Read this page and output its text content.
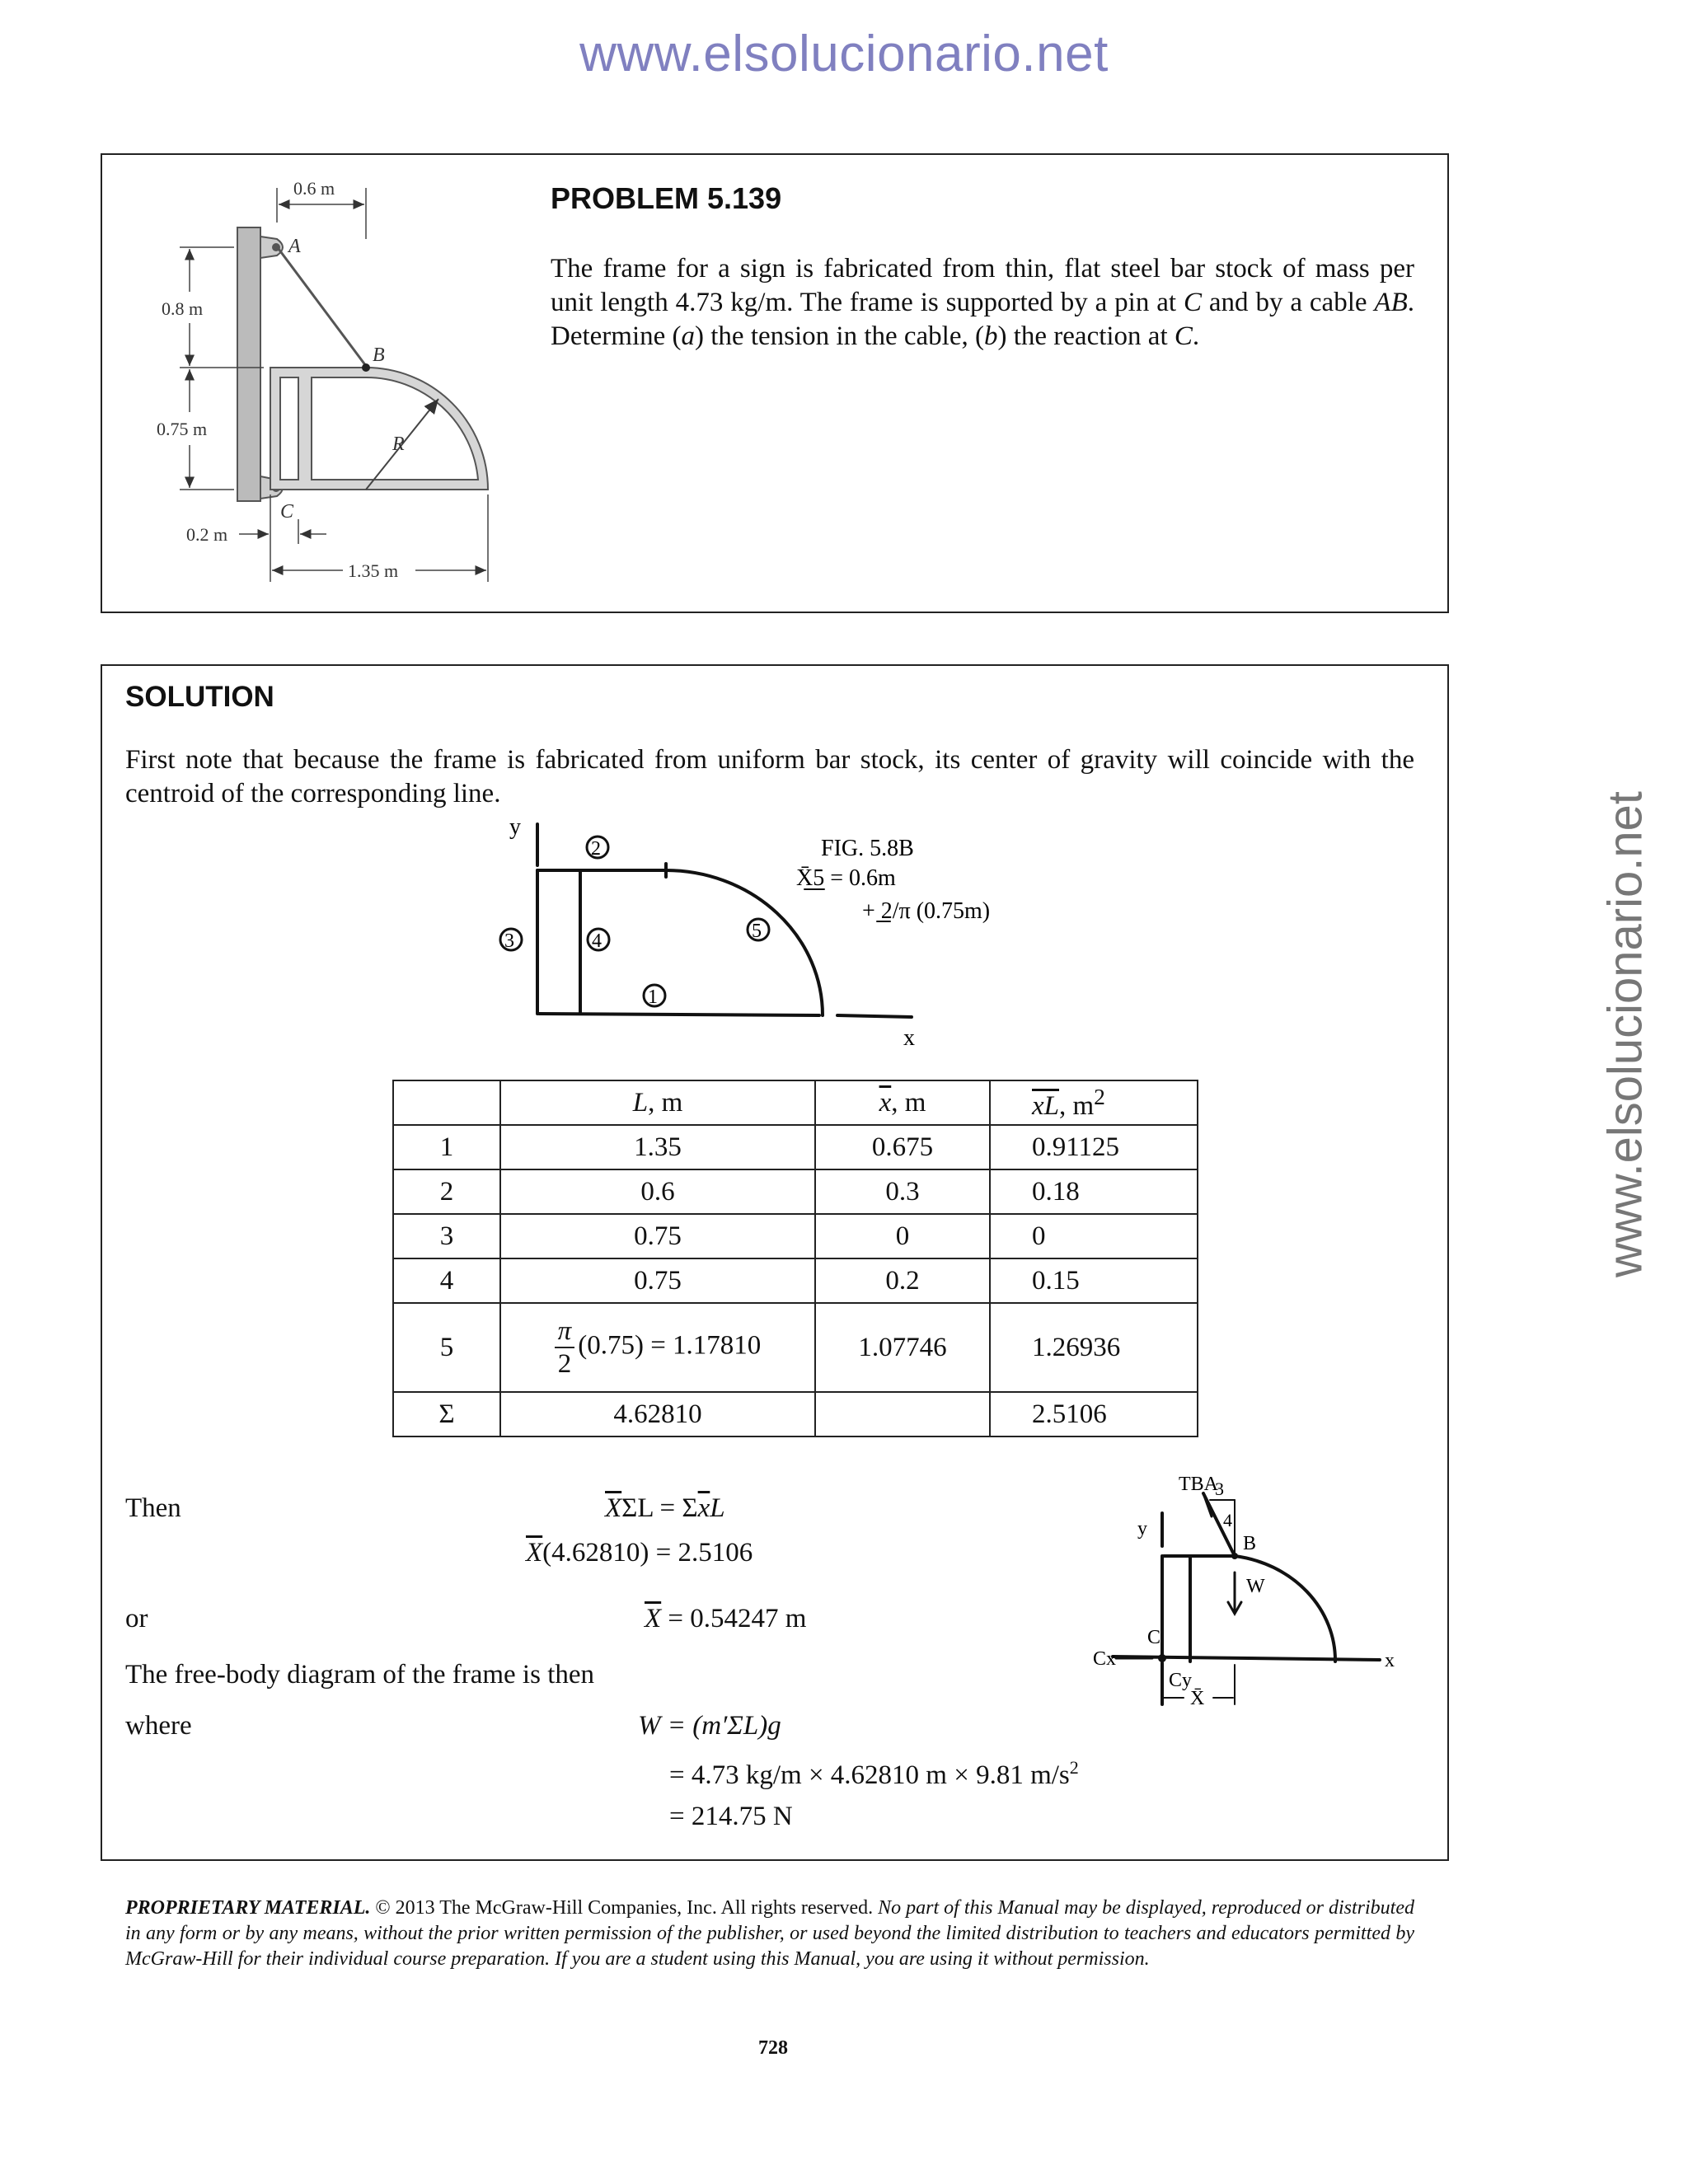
www.elsolucionario.net
www.elsolucionario.net
0.6 m
0.8 m
0.75 m
0.2 m
1.35 m
A
B
C
R
PROBLEM 5.139
The frame for a sign is fabricated from thin, flat steel bar stock of mass per unit length 4.73 kg/m. The frame is supported by a pin at C and by a cable AB. Determine (a) the tension in the cable, (b) the reaction at C.
SOLUTION
First note that because the frame is fabricated from uniform bar stock, its center of gravity will coincide with the centroid of the corresponding line.
y
x
2
3	4	5
1
FIG. 5.8B
X̄5 = 0.6m
+ 2/π (0.75m)
	L, m	$\overline{x}$, m	$\overline{xL}$, $m^2$
1	1.35	0.675	0.91125
2	0.6	0.3	0.18
3	0.75	0	0
4	0.75	0.2	0.15
5	$\frac{\pi}{2} (0.75) = 1.17810$	1.07746	1.26936
Σ	4.62810		2.5106
Then	$\overline{X}\Sigma L = \Sigma\overline{x}L$
$\overline{X}(4.62810) = 2.5106$
or	$\overline{X} = 0.54247$ m
The free-body diagram of the frame is then
where	W = (m′ΣL)g
= 4.73 kg/m × 4.62810 m × 9.81 $m/s^2$
= 214.75 N
TBA
3
4
B
W
C
Cx
Cy
y
x
X̄
PROPRIETARY MATERIAL. © 2013 The McGraw-Hill Companies, Inc. All rights reserved. No part of this Manual may be displayed, reproduced or distributed in any form or by any means, without the prior written permission of the publisher, or used beyond the limited distribution to teachers and educators permitted by McGraw-Hill for their individual course preparation. If you are a student using this Manual, you are using it without permission.
728
